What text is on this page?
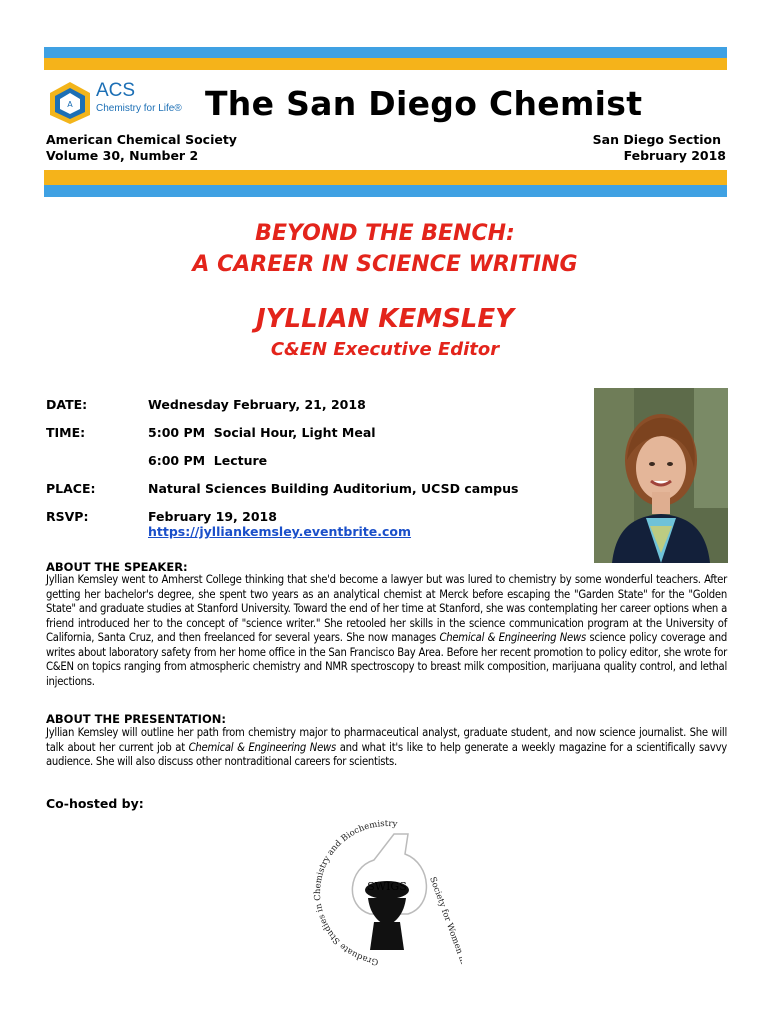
A
ACS
Chemistry for Life® The San Diego Chemist
American Chemical Society
Volume 30, Number 2
San Diego Section
February 2018
BEYOND THE BENCH:
A CAREER IN SCIENCE WRITING
JYLLIAN KEMSLEY
C&EN Executive Editor
DATE:	Wednesday February, 21, 2018
TIME:	5:00 PM  Social Hour, Light Meal
6:00 PM  Lecture
PLACE:	Natural Sciences Building Auditorium, UCSD campus
RSVP:	February 19, 2018
https://jylliankemsley.eventbrite.com
ABOUT THE SPEAKER:
Jyllian Kemsley went to Amherst College thinking that she'd become a lawyer but was lured to chemistry by some wonderful teachers. After getting her bachelor's degree, she spent two years as an analytical chemist at Merck before escaping the "Garden State" for the "Golden State" and graduate studies at Stanford University. Toward the end of her time at Stanford, she was contemplating her career options when a friend introduced her to the concept of "science writer." She retooled her skills in the science communication program at the University of California, Santa Cruz, and then freelanced for several years. She now manages Chemical & Engineering News science policy coverage and writes about laboratory safety from her home office in the San Francisco Bay Area. Before her recent promotion to policy editor, she wrote for C&EN on topics ranging from atmospheric chemistry and NMR spectroscopy to breast milk composition, marijuana quality control, and lethal injections.
ABOUT THE PRESENTATION:
Jyllian Kemsley will outline her path from chemistry major to pharmaceutical analyst, graduate student, and now science journalist. She will talk about her current job at Chemical & Engineering News and what it's like to help generate a weekly magazine for a scientifically savvy audience. She will also discuss other nontraditional careers for scientists.
Co-hosted by:
Graduate Studies in Chemistry and Biochemistry
Society for Women in
SWIGS
